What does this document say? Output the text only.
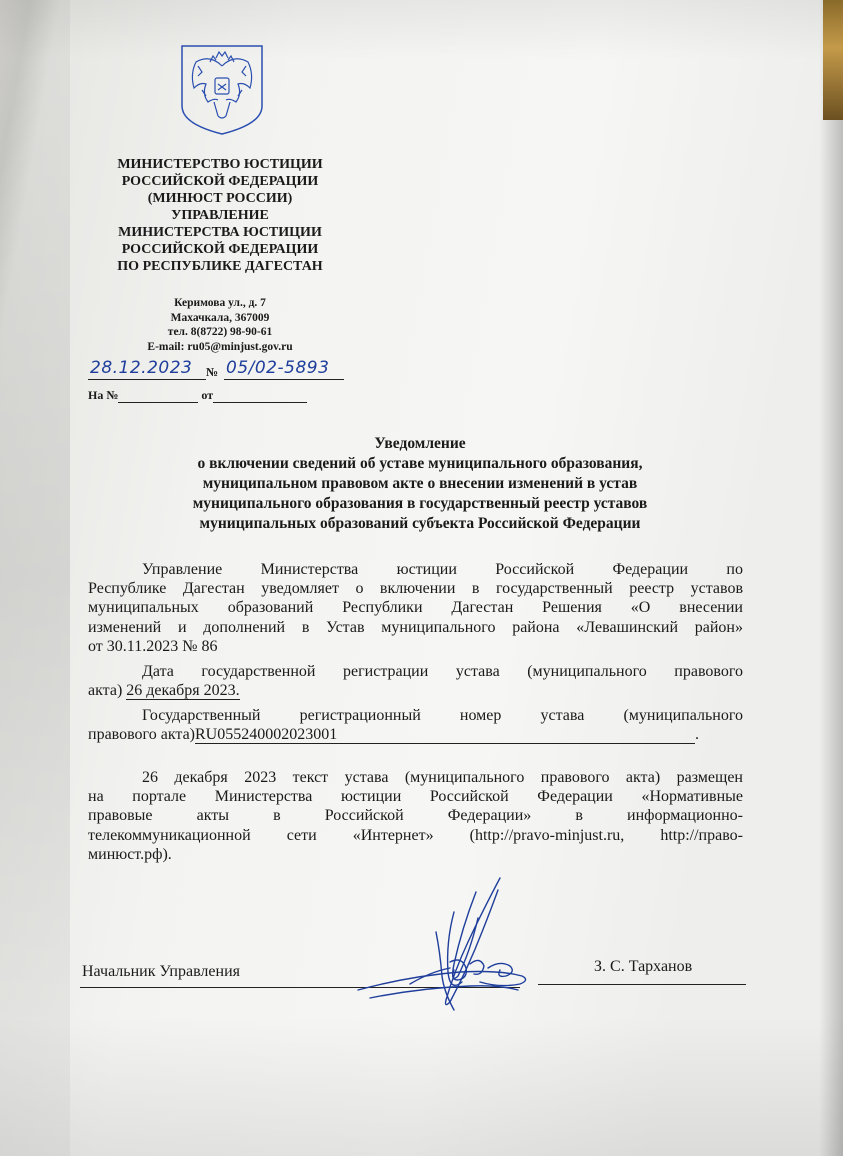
МИНИСТЕРСТВО ЮСТИЦИИ
РОССИЙСКОЙ ФЕДЕРАЦИИ
(МИНЮСТ РОССИИ)
УПРАВЛЕНИЕ
МИНИСТЕРСТВА ЮСТИЦИИ
РОССИЙСКОЙ ФЕДЕРАЦИИ
ПО РЕСПУБЛИКЕ ДАГЕСТАН
Керимова ул., д. 7
Махачкала, 367009
тел. 8(8722) 98-90-61
E-mail: ru05@minjust.gov.ru
28.12.2023 № 05/02-5893
На №	от
Уведомление
о включении сведений об уставе муниципального образования,
муниципальном правовом акте о внесении изменений в устав
муниципального образования в государственный реестр уставов
муниципальных образований субъекта Российской Федерации
Управление Министерства юстиции Российской Федерации по
Республике Дагестан уведомляет о включении в государственный реестр уставов
муниципальных образований Республики Дагестан Решения «О внесении
изменений и дополнений в Устав муниципального района «Левашинский район»
от 30.11.2023 № 86
Дата государственной регистрации устава (муниципального правового
акта) 26 декабря 2023.
Государственный регистрационный номер устава (муниципального
правового акта)RU055240002023001	.
26 декабря 2023 текст устава (муниципального правового акта) размещен
на портале Министерства юстиции Российской Федерации «Нормативные
правовые акты в Российской Федерации» в информационно-
телекоммуникационной сети «Интернет» (http://pravo-minjust.ru, http://право-
минюст.рф).
Начальник Управления	З. С. Тарханов
